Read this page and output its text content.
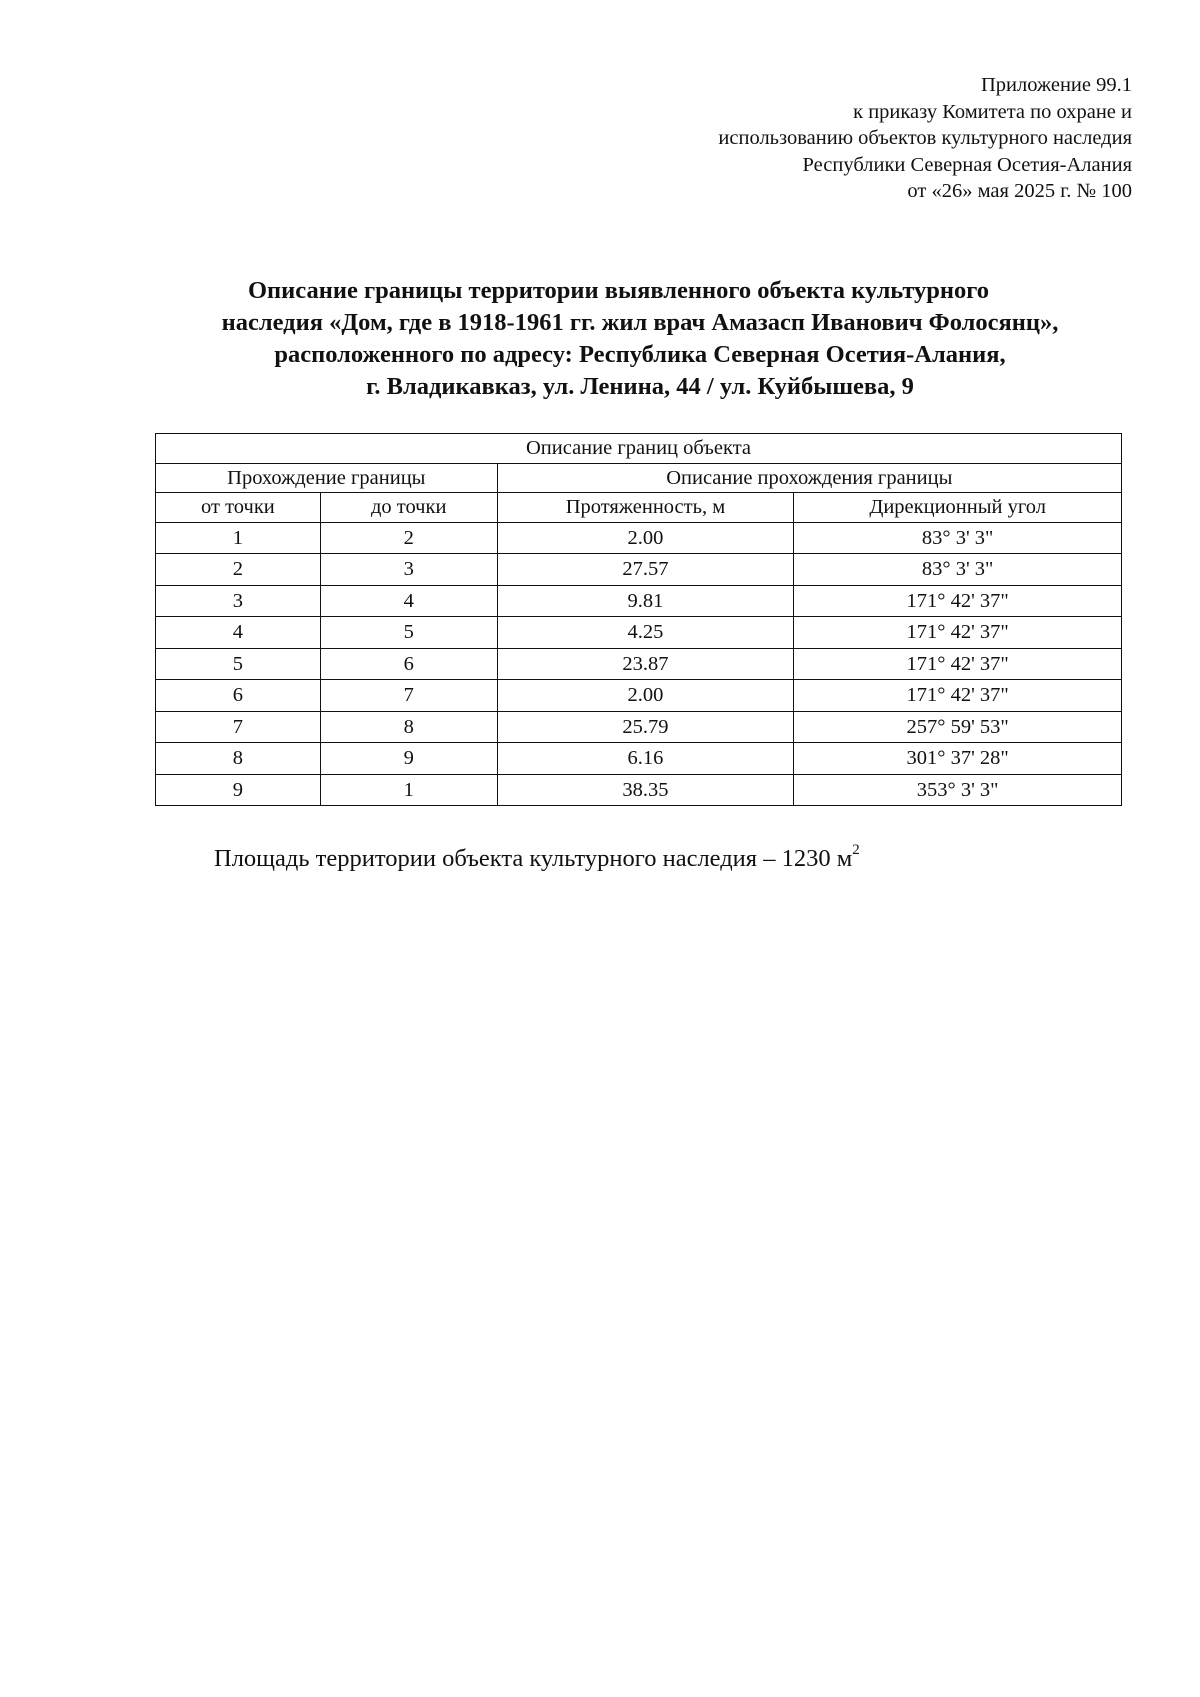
Приложение 99.1
к приказу Комитета по охране и
использованию объектов культурного наследия
Республики Северная Осетия-Алания
от «26» мая 2025 г. № 100
Описание границы территории выявленного объекта культурного
наследия «Дом, где в 1918-1961 гг. жил врач Амазасп Иванович Фолосянц»,
расположенного по адресу: Республика Северная Осетия-Алания,
г. Владикавказ, ул. Ленина, 44 / ул. Куйбышева, 9
Описание границ объекта			
Прохождение границы		Описание прохождения границы	
от точки	до точки	Протяженность, м	Дирекционный угол
1	2	2.00	83° 3' 3"
2	3	27.57	83° 3' 3"
3	4	9.81	171° 42' 37"
4	5	4.25	171° 42' 37"
5	6	23.87	171° 42' 37"
6	7	2.00	171° 42' 37"
7	8	25.79	257° 59' 53"
8	9	6.16	301° 37' 28"
9	1	38.35	353° 3' 3"
Площадь территории объекта культурного наследия – 1230 $м^2$
